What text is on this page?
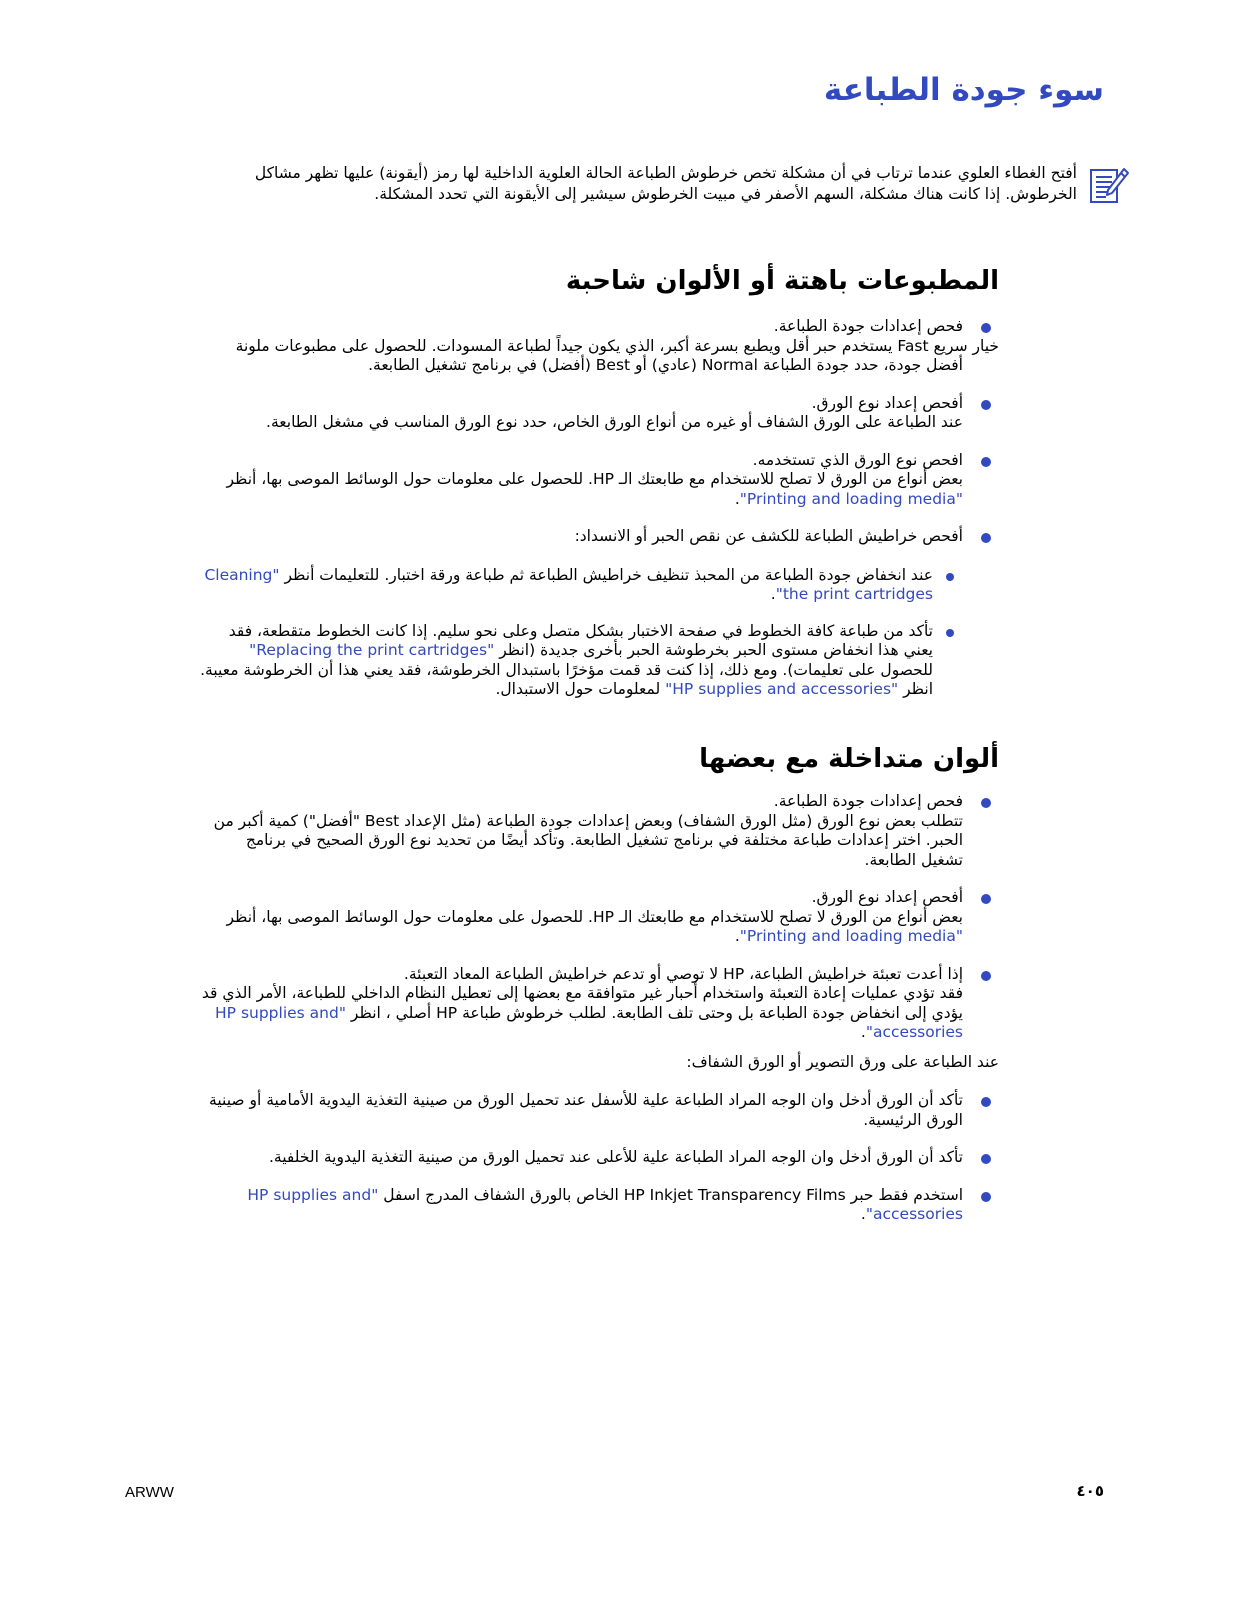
سوء جودة الطباعة

أفتح الغطاء العلوي عندما ترتاب في أن مشكلة تخص خرطوش الطباعة الحالة العلوية الداخلية لها رمز (أيقونة) عليها تظهر مشاكل الخرطوش. إذا كانت هناك مشكلة، السهم الأصفر في مبيت الخرطوش سيشير إلى الأيقونة التي تحدد المشكلة.

المطبوعات باهتة أو الألوان شاحبة

فحص إعدادات جودة الطباعة.

خيار سريع Fast يستخدم حبر أقل ويطبع بسرعة أكبر، الذي يكون جيداً لطباعة المسودات. للحصول على مطبوعات ملونة

أفضل جودة، حدد جودة الطباعة Normal (عادي) أو Best (أفضل) في برنامج تشغيل الطابعة.

أفحص إعداد نوع الورق.

عند الطباعة على الورق الشفاف أو غيره من أنواع الورق الخاص، حدد نوع الورق المناسب في مشغل الطابعة.

افحص نوع الورق الذي تستخدمه.

بعض أنواع من الورق لا تصلح للاستخدام مع طابعتك الـ HP. للحصول على معلومات حول الوسائط الموصى بها، أنظر "Printing and loading media".

أفحص خراطيش الطباعة للكشف عن نقص الحبر أو الانسداد:

عند انخفاض جودة الطباعة من المحبذ تنظيف خراطيش الطباعة ثم طباعة ورقة اختبار. للتعليمات أنظر "Cleaning the print cartridges".

تأكد من طباعة كافة الخطوط في صفحة الاختبار بشكل متصل وعلى نحو سليم. إذا كانت الخطوط متقطعة، فقد يعني هذا انخفاض مستوى الحبر بخرطوشة الحبر بأخرى جديدة (انظر "Replacing the print cartridges" للحصول على تعليمات). ومع ذلك، إذا كنت قد قمت مؤخرًا باستبدال الخرطوشة، فقد يعني هذا أن الخرطوشة معيبة. انظر "HP supplies and accessories" لمعلومات حول الاستبدال.

ألوان متداخلة مع بعضها

فحص إعدادات جودة الطباعة.

تتطلب بعض نوع الورق (مثل الورق الشفاف) وبعض إعدادات جودة الطباعة (مثل الإعداد Best "أفضل") كمية أكبر من الحبر. اختر إعدادات طباعة مختلفة في برنامج تشغيل الطابعة. وتأكد أيضًا من تحديد نوع الورق الصحيح في برنامج تشغيل الطابعة.

أفحص إعداد نوع الورق.

بعض أنواع من الورق لا تصلح للاستخدام مع طابعتك الـ HP. للحصول على معلومات حول الوسائط الموصى بها، أنظر "Printing and loading media".

إذا أعدت تعبئة خراطيش الطباعة، HP لا توصي أو تدعم خراطيش الطباعة المعاد التعبئة.

فقد تؤدي عمليات إعادة التعبئة واستخدام أحبار غير متوافقة مع بعضها إلى تعطيل النظام الداخلي للطباعة، الأمر الذي قد يؤدي إلى انخفاض جودة الطباعة بل وحتى تلف الطابعة. لطلب خرطوش طباعة HP أصلي ، انظر "HP supplies and accessories".

عند الطباعة على ورق التصوير أو الورق الشفاف:

تأكد أن الورق أدخل وان الوجه المراد الطباعة علية للأسفل عند تحميل الورق من صينية التغذية اليدوية الأمامية أو صينية الورق الرئيسية.

تأكد أن الورق أدخل وان الوجه المراد الطباعة علية للأعلى عند تحميل الورق من صينية التغذية اليدوية الخلفية.

استخدم فقط حبر HP Inkjet Transparency Films الخاص بالورق الشفاف المدرج اسفل "HP supplies and accessories".

ARWW	٤٠٥
